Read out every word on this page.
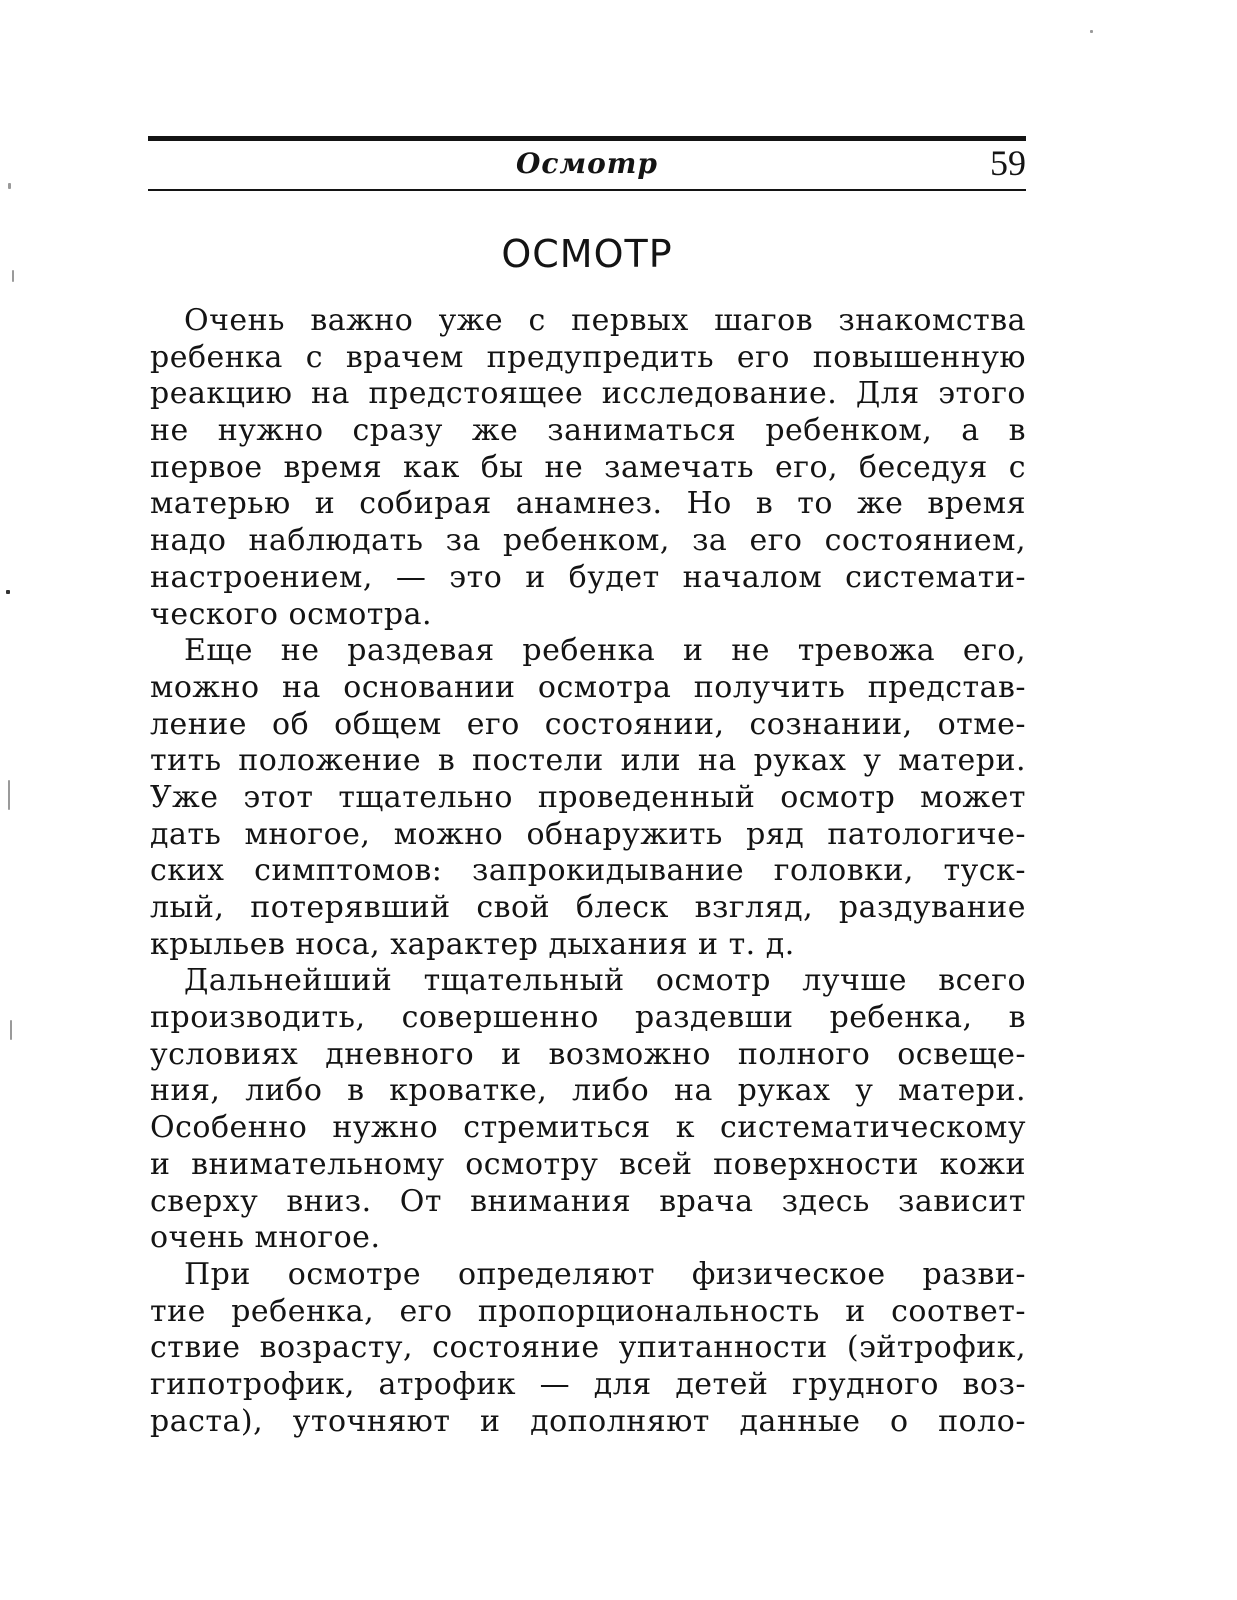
Осмотр	59
ОСМОТР
Очень важно уже с первых шагов знакомства
ребенка с врачем предупредить его повышенную
реакцию на предстоящее исследование. Для этого
не нужно сразу же заниматься ребенком, а в
первое время как бы не замечать его, беседуя с
матерью и собирая анамнез. Но в то же время
надо наблюдать за ребенком, за его состоянием,
настроением, — это и будет началом системати-
ческого осмотра.
Еще не раздевая ребенка и не тревожа его,
можно на основании осмотра получить представ-
ление об общем его состоянии, сознании, отме-
тить положение в постели или на руках у матери.
Уже этот тщательно проведенный осмотр может
дать многое, можно обнаружить ряд патологиче-
ских симптомов: запрокидывание головки, туск-
лый, потерявший свой блеск взгляд, раздувание
крыльев носа, характер дыхания и т. д.
Дальнейший тщательный осмотр лучше всего
производить, совершенно раздевши ребенка, в
условиях дневного и возможно полного освеще-
ния, либо в кроватке, либо на руках у матери.
Особенно нужно стремиться к систематическому
и внимательному осмотру всей поверхности кожи
сверху вниз. От внимания врача здесь зависит
очень многое.
При осмотре определяют физическое разви-
тие ребенка, его пропорциональность и соответ-
ствие возрасту, состояние упитанности (эйтрофик,
гипотрофик, атрофик — для детей грудного воз-
раста), уточняют и дополняют данные о поло-
